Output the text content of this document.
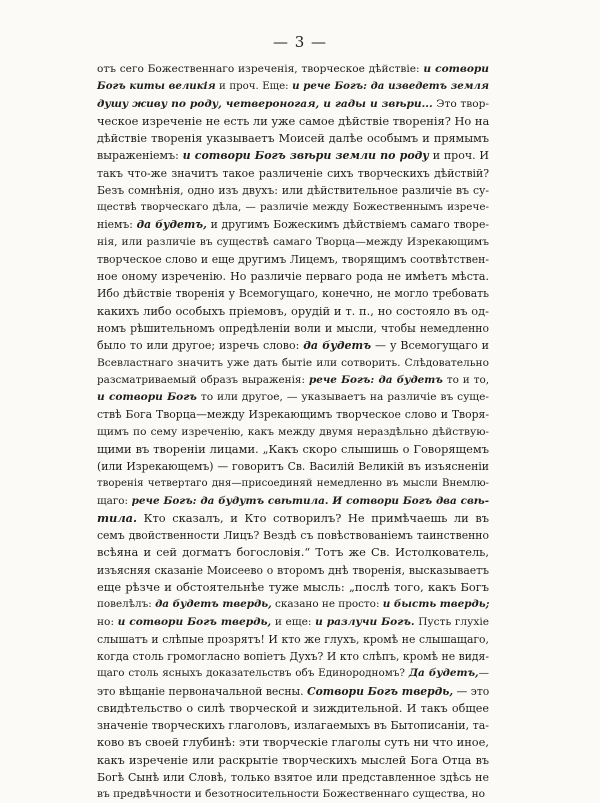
— 3 —
отъ сего Божественнаго изреченія, творческое дѣйствіе: и сотвори
Богъ киты великія и проч. Еще: и рече Богъ: да изведетъ земля
душу живу по роду, четвероногая, и гады и звѣри... Это твор-
ческое изреченіе не есть ли уже самое дѣйствіе творенія? Но на
дѣйствіе творенія указываетъ Моисей далѣе особымъ и прямымъ
выраженіемъ: и сотвори Богъ звѣри земли по роду и проч. И
такъ что-же значитъ такое различеніе сихъ творческихъ дѣйствій?
Безъ сомнѣнія, одно изъ двухъ: или дѣйствительное различіе въ су-
ществѣ творческаго дѣла, — различіе между Божественнымъ изрече-
ніемъ: да будетъ, и другимъ Божескимъ дѣйствіемъ самаго творе-
нія, или различіе въ существѣ самаго Творца—между Изрекающимъ
творческое слово и еще другимъ Лицемъ, творящимъ соотвѣтствен-
ное оному изреченію. Но различіе перваго рода не имѣетъ мѣста.
Ибо дѣйствіе творенія у Всемогущаго, конечно, не могло требовать
какихъ либо особыхъ пріемовъ, орудій и т. п., но состояло въ од-
номъ рѣшительномъ опредѣленіи воли и мысли, чтобы немедленно
было то или другое; изречь слово: да будетъ — у Всемогущаго и
Всевластнаго значитъ уже дать бытіе или сотворить. Слѣдовательно
разсматриваемый образъ выраженія: рече Богъ: да будетъ то и то,
и сотвори Богъ то или другое, — указываетъ на различіе въ суще-
ствѣ Бога Творца—между Изрекающимъ творческое слово и Творя-
щимъ по сему изреченію, какъ между двумя нераздѣльно дѣйствую-
щими въ твореніи лицами. „Какъ скоро слышишь о Говорящемъ
(или Изрекающемъ) — говоритъ Св. Василій Великій въ изъясненіи
творенія четвертаго дня—присоединяй немедленно въ мысли Внемлю-
щаго: рече Богъ: да будутъ свѣтила. И сотвори Богъ два свѣ-
тила. Кто сказалъ, и Кто сотворилъ? Не примѣчаешь ли въ
семъ двойственности Лицъ? Вездѣ съ повѣствованіемъ таинственно
всѣяна и сей догматъ богословія.“ Тотъ же Св. Истолкователь,
изъясняя сказаніе Моисеево о второмъ днѣ творенія, высказываетъ
еще рѣзче и обстоятельнѣе туже мысль: „послѣ того, какъ Богъ
повелѣлъ: да будетъ твердь, сказано не просто: и бысть твердь;
но: и сотвори Богъ твердь, и еще: и разлучи Богъ. Пусть глухіе
слышатъ и слѣпые прозрятъ! И кто же глухъ, кромѣ не слышащаго,
когда столь громогласно вопіетъ Духъ? И кто слѣпъ, кромѣ не видя-
щаго столь ясныхъ доказательствъ объ Единородномъ? Да будетъ,—
это вѣщаніе первоначальной весны. Сотвори Богъ твердь, — это
свидѣтельство о силѣ творческой и зиждительной. И такъ общее
значеніе творческихъ глаголовъ, излагаемыхъ въ Бытописаніи, та-
ково въ своей глубинѣ: эти творческіе глаголы суть ни что иное,
какъ изреченіе или раскрытіе творческихъ мыслей Бога Отца въ
Богѣ Сынѣ или Словѣ, только взятое или представленное здѣсь не
въ предвѣчности и безотносительности Божественнаго существа, но
